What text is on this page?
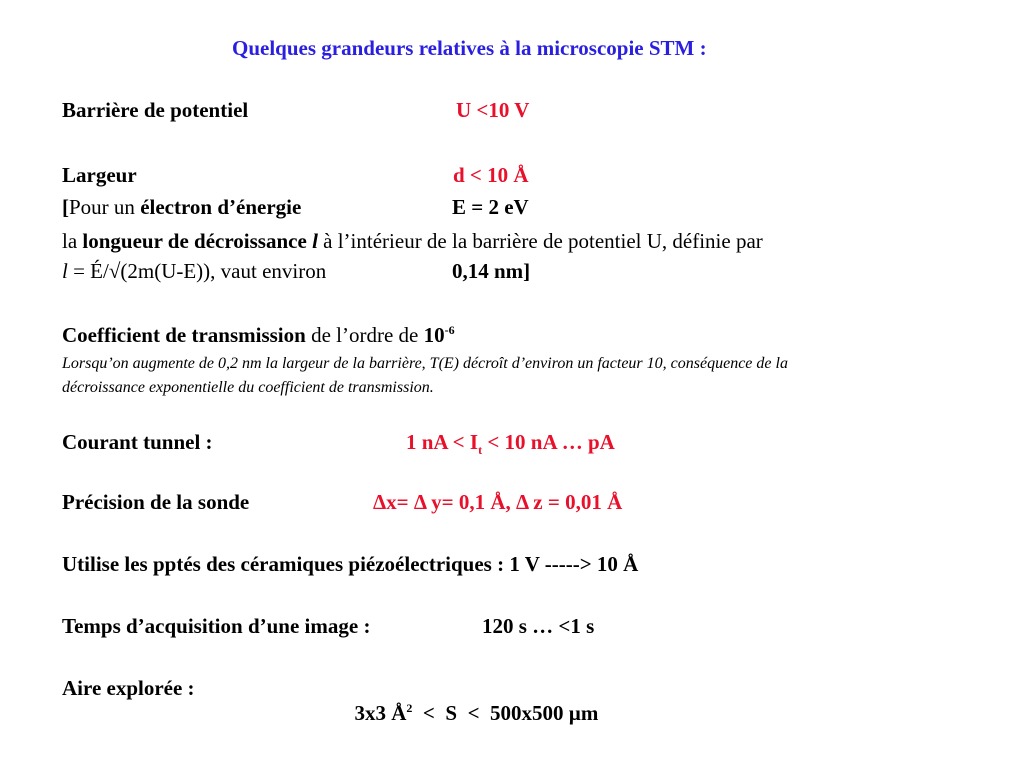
Quelques grandeurs relatives à la microscopie STM :
Barrière de potentiel	U <10 V
Largeur	d < 10 Å
[Pour un électron d’énergie	E = 2 eV
la longueur de décroissance l à l’intérieur de la barrière de potentiel U, définie par
l = É/√(2m(U-E)), vaut environ	0,14 nm]
Coefficient de transmission de l’ordre de $10^{-6}$
Lorsqu’on augmente de 0,2 nm la largeur de la barrière, T(E) décroît d’environ un facteur 10, conséquence de la
décroissance exponentielle du coefficient de transmission.
Courant tunnel :	1 nA < $I_t < 10$ nA … pA
Précision de la sonde	Δx= Δ y= 0,1 Å, Δ z = 0,01 Å
Utilise les pptés des céramiques piézoélectriques : 1 V -----> 10 Å
Temps d’acquisition d’une image :	120 s … <1 s
Aire explorée :

3x3 $Å^2 < S < 500x500$ µm
